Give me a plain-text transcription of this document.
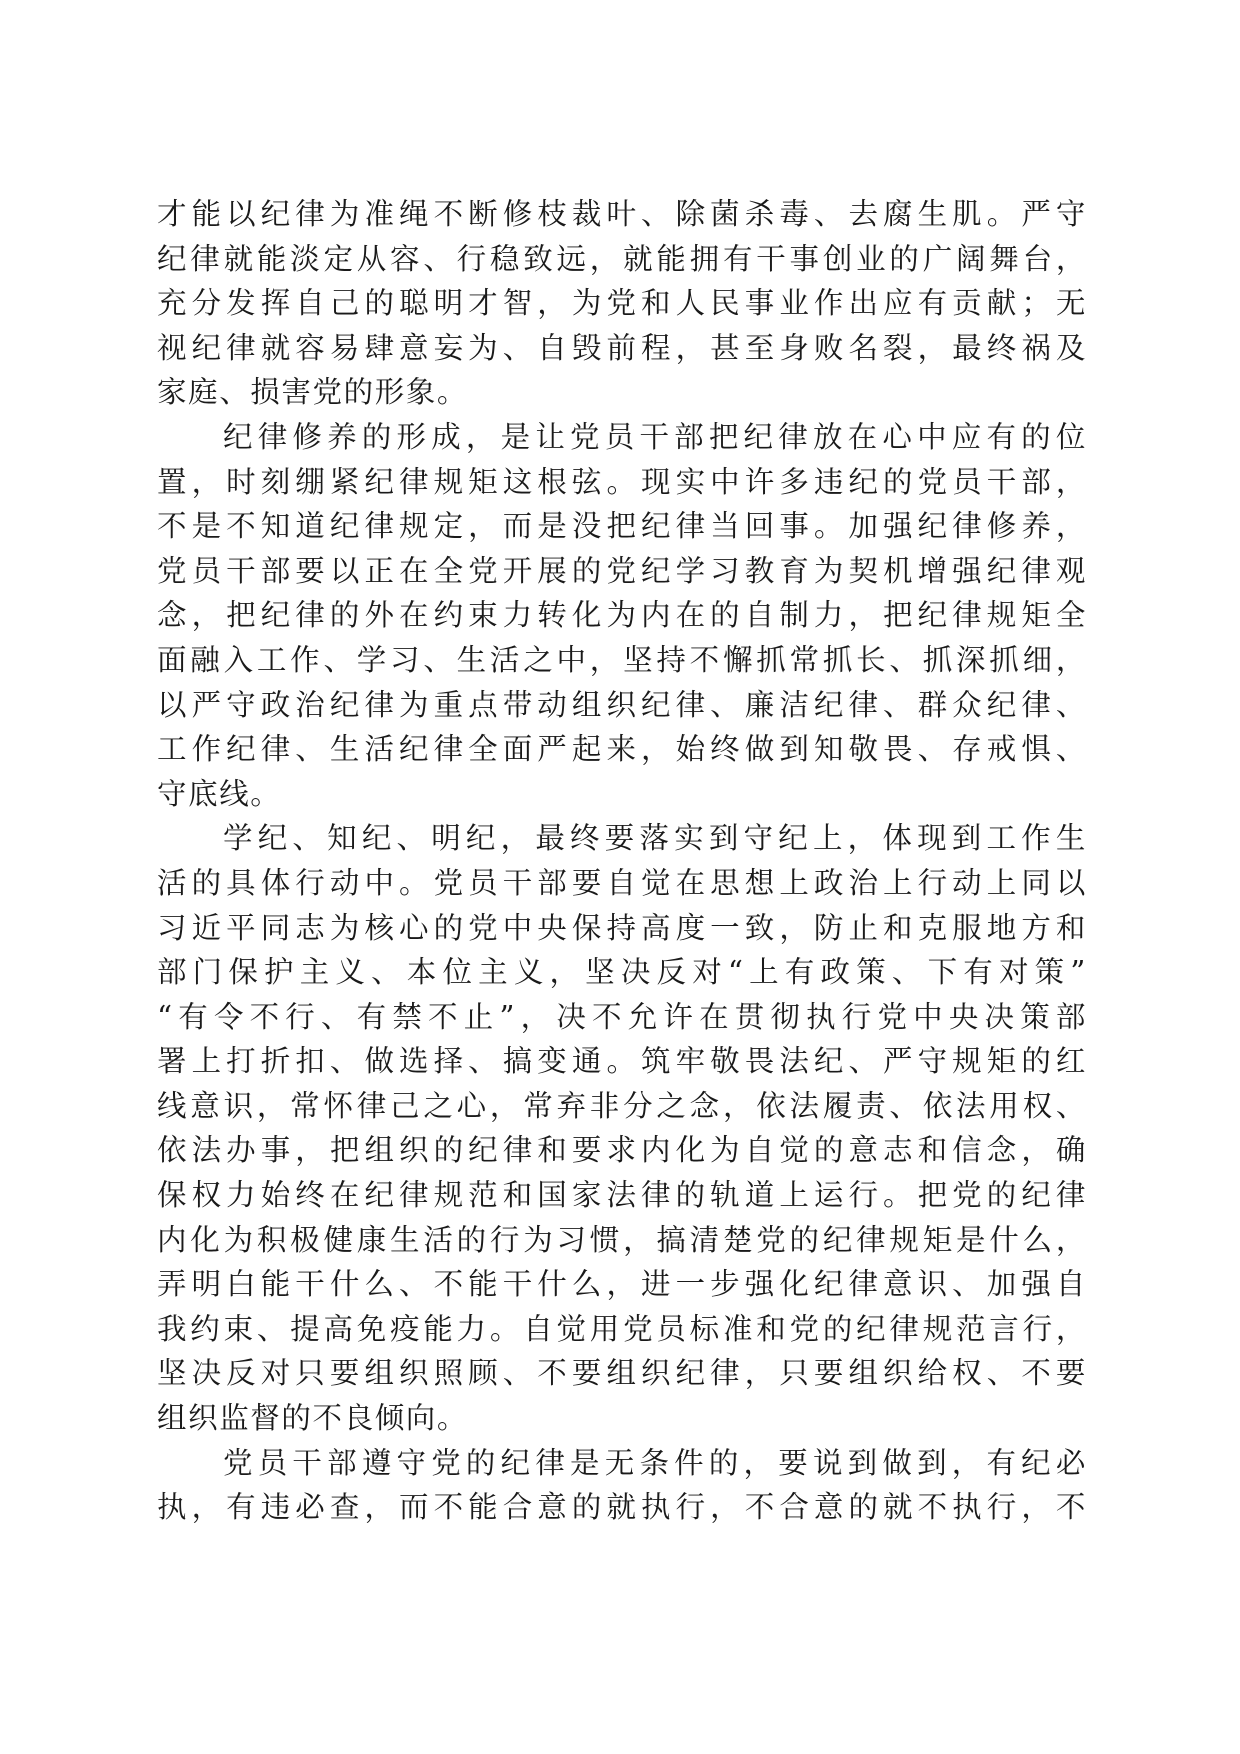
才能以纪律为准绳不断修枝裁叶、除菌杀毒、去腐生肌。严守
纪律就能淡定从容、行稳致远，就能拥有干事创业的广阔舞台，
充分发挥自己的聪明才智，为党和人民事业作出应有贡献；无
视纪律就容易肆意妄为、自毁前程，甚至身败名裂，最终祸及
家庭、损害党的形象。
纪律修养的形成，是让党员干部把纪律放在心中应有的位
置，时刻绷紧纪律规矩这根弦。现实中许多违纪的党员干部，
不是不知道纪律规定，而是没把纪律当回事。加强纪律修养，
党员干部要以正在全党开展的党纪学习教育为契机增强纪律观
念，把纪律的外在约束力转化为内在的自制力，把纪律规矩全
面融入工作、学习、生活之中，坚持不懈抓常抓长、抓深抓细，
以严守政治纪律为重点带动组织纪律、廉洁纪律、群众纪律、
工作纪律、生活纪律全面严起来，始终做到知敬畏、存戒惧、
守底线。
学纪、知纪、明纪，最终要落实到守纪上，体现到工作生
活的具体行动中。党员干部要自觉在思想上政治上行动上同以
习近平同志为核心的党中央保持高度一致，防止和克服地方和
部门保护主义、本位主义，坚决反对“上有政策、下有对策”
“有令不行、有禁不止”，决不允许在贯彻执行党中央决策部
署上打折扣、做选择、搞变通。筑牢敬畏法纪、严守规矩的红
线意识，常怀律己之心，常弃非分之念，依法履责、依法用权、
依法办事，把组织的纪律和要求内化为自觉的意志和信念，确
保权力始终在纪律规范和国家法律的轨道上运行。把党的纪律
内化为积极健康生活的行为习惯，搞清楚党的纪律规矩是什么，
弄明白能干什么、不能干什么，进一步强化纪律意识、加强自
我约束、提高免疫能力。自觉用党员标准和党的纪律规范言行，
坚决反对只要组织照顾、不要组织纪律，只要组织给权、不要
组织监督的不良倾向。
党员干部遵守党的纪律是无条件的，要说到做到，有纪必
执，有违必查，而不能合意的就执行，不合意的就不执行，不
